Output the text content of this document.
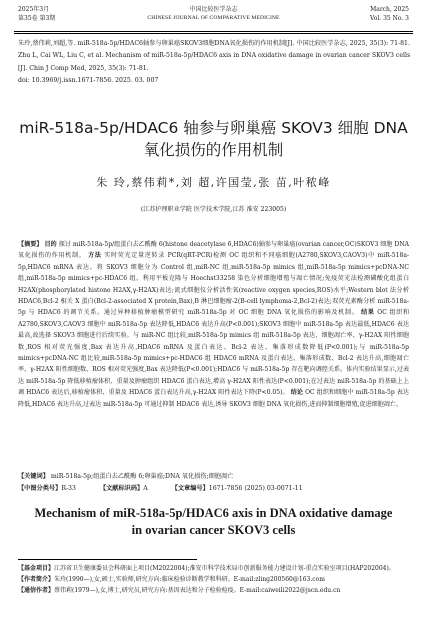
2025年3月
第35卷 第3期
中国比较医学杂志
CHINESE JOURNAL OF COMPARATIVE MEDICINE
March, 2025
Vol. 35 No. 3
朱玲,蔡伟莉,刘超,等. miR-518a-5p/HDAC6轴参与卵巢癌SKOV3细胞DNA氧化损伤的作用机制[J]. 中国比较医学杂志, 2025, 35(3): 71-81.
Zhu L, Cai WL, Liu C, et al. Mechanism of miR-518a-5p/HDAC6 axis in DNA oxidative damage in ovarian cancer SKOV3 cells [J]. Chin J Comp Med, 2025, 35(3): 71-81.
doi: 10.3969/j.issn.1671-7856. 2025. 03. 007
miR-518a-5p/HDAC6 轴参与卵巢癌 SKOV3 细胞 DNA 氧化损伤的作用机制
朱 玲,蔡伟莉*,刘 超,许国莹,张 苗,叶秾峰
(江苏护理职业学院 医学技术学院,江苏 淮安 223005)
【摘要】 目的 探讨 miR-518a-5p/组蛋白去乙酰酶 6(histone deacetylase 6,HDAC6)轴参与卵巢癌(ovarian cancer,OC)SKOV3 细胞 DNA 氧化损伤的作用机制。 方法 实时荧光定量逆转录 PCR(qRT-PCR)检测 OC 组织和不同癌细胞(A2780,SKOV3,CAOV3)中 miR-518a-5p,HDAC6 mRNA 表达。将 SKOV3 细胞分为 Control 组,miR-NC 组,miR-518a-5p mimics 组,miR-518a-5p mimics+pcDNA-NC 组,miR-518a-5p mimics+pc-HDAC6 组。利用平板克隆与 Hoechst33258 染色分析细胞增殖与凋亡情况;免疫荧光法检测磷酸化组蛋白 H2AX(phosphorylated histone H2AX,γ-H2AX)表达;流式细胞仪分析活性氧(reactive oxygen species,ROS)水平;Western blot 法分析 HDAC6,Bcl-2 相关 X 蛋白(Bcl-2-associated X protein,Bax),B 淋巴细胞瘤-2(B-cell lymphoma-2,Bcl-2)表达;双荧光素酶分析 miR-518a-5p 与 HDAC6 的调节关系。通过异种移植肿瘤模型研究 miR-518a-5p 对 OC 细胞 DNA 氧化损伤的影响及机制。 结果 OC 组织和 A2780,SKOV3,CAOV3 细胞中 miR-518a-5p 表达降低,HDAC6 表达升高(P<0.001);SKOV3 细胞中 miR-518a-5p 表达最低,HDAC6 表达最高,故选择 SKOV3 细胞进行后续实验。与 miR-NC 组比较,miR-518a-5p mimics 组 miR-518a-5p 表达、细胞凋亡率、γ-H2AX 阳性细胞数,ROS 相对荧光强度,Bax 表达升高,HDAC6 mRNA 及蛋白表达、Bcl-2 表达、集落形成数降低(P<0.001);与 miR-518a-5p mimics+pcDNA-NC 组比较,miR-518a-5p mimics+pc-HDAC6 组 HDAC6 mRNA 及蛋白表达、集落形成数、Bcl-2 表达升高,细胞凋亡率、γ-H2AX 阳性细胞数、ROS 相对荧光强度,Bax 表达降低(P<0.001);HDAC6 与 miR-518a-5p 存在靶向调控关系。体内实验结果显示,过表达 miR-518a-5p 降低移植瘤体积、重量及肿瘤组织 HDAC6 蛋白表达,增高 γ-H2AX 阳性表达(P<0.001);在过表达 miR-518a-5p 的基础上上调 HDAC6 表达后,移植瘤体积、重量及 HDAC6 蛋白表达升高,γ-H2AX 阳性表达下降(P<0.05)。 结论 OC 组织和细胞中 miR-518a-5p 表达降低,HDAC6 表达升高,过表达 miR-518a-5p 可通过抑制 HDAC6 表达,诱导 SKOV3 细胞 DNA 氧化损伤,进而抑制细胞增殖,促进细胞凋亡。
【关键词】 miR-518a-5p;组蛋白去乙酰酶 6;卵巢癌;DNA 氧化损伤;细胞凋亡
【中图分类号】R-33	【文献标识码】A	【文章编号】1671-7856 (2025) 03-0071-11
Mechanism of miR-518a-5p/HDAC6 axis in DNA oxidative damage
in ovarian cancer SKOV3 cells
【基金项目】江苏省卫生健康委员会科研面上项目(M2022004);淮安市科学技术局市创新服务能力建设计划-重点实验室项目(HAP202004)。
【作者简介】朱玲(1990—),女,硕士,实验师,研究方向:临床检验诊断教学和科研。E-mail:zling200560@163.com
【通信作者】蔡伟莉(1979—),女,博士,研究员,研究方向:基因表达和分子检验检疫。E-mail:caiweili2022@jscn.edu.cn
